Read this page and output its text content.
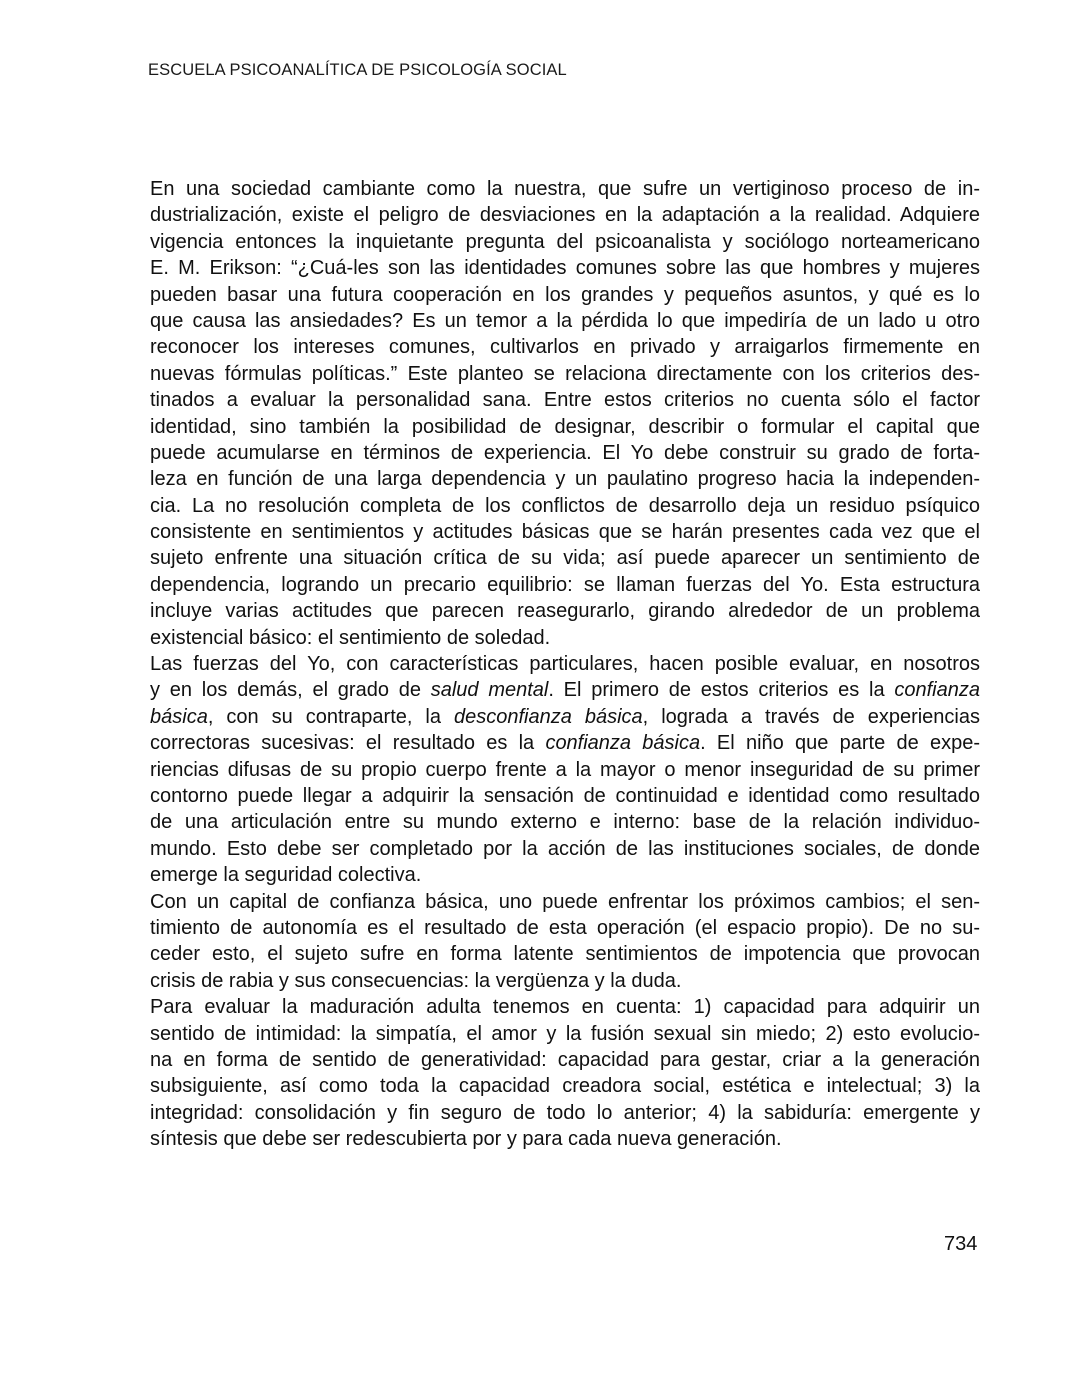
ESCUELA PSICOANALÍTICA DE PSICOLOGÍA SOCIAL
En una sociedad cambiante como la nuestra, que sufre un vertiginoso proceso de in-
dustrialización, existe el peligro de desviaciones en la adaptación a la realidad. Adquiere
vigencia entonces la inquietante pregunta del psicoanalista y sociólogo norteamericano
E. M. Erikson: “¿Cuá-les son las identidades comunes sobre las que hombres y mujeres
pueden basar una futura cooperación en los grandes y pequeños asuntos, y qué es lo
que causa las ansiedades? Es un temor a la pérdida lo que impediría de un lado u otro
reconocer los intereses comunes, cultivarlos en privado y arraigarlos firmemente en
nuevas fórmulas políticas.” Este planteo se relaciona directamente con los criterios des-
tinados a evaluar la personalidad sana. Entre estos criterios no cuenta sólo el factor
identidad, sino también la posibilidad de designar, describir o formular el capital que
puede acumularse en términos de experiencia. El Yo debe construir su grado de forta-
leza en función de una larga dependencia y un paulatino progreso hacia la independen-
cia. La no resolución completa de los conflictos de desarrollo deja un residuo psíquico
consistente en sentimientos y actitudes básicas que se harán presentes cada vez que el
sujeto enfrente una situación crítica de su vida; así puede aparecer un sentimiento de
dependencia, logrando un precario equilibrio: se llaman fuerzas del Yo. Esta estructura
incluye varias actitudes que parecen reasegurarlo, girando alrededor de un problema
existencial básico: el sentimiento de soledad.
Las fuerzas del Yo, con características particulares, hacen posible evaluar, en nosotros
y en los demás, el grado de salud mental. El primero de estos criterios es la confianza
básica, con su contraparte, la desconfianza básica, lograda a través de experiencias
correctoras sucesivas: el resultado es la confianza básica. El niño que parte de expe-
riencias difusas de su propio cuerpo frente a la mayor o menor inseguridad de su primer
contorno puede llegar a adquirir la sensación de continuidad e identidad como resultado
de una articulación entre su mundo externo e interno: base de la relación individuo-
mundo. Esto debe ser completado por la acción de las instituciones sociales, de donde
emerge la seguridad colectiva.
Con un capital de confianza básica, uno puede enfrentar los próximos cambios; el sen-
timiento de autonomía es el resultado de esta operación (el espacio propio). De no su-
ceder esto, el sujeto sufre en forma latente sentimientos de impotencia que provocan
crisis de rabia y sus consecuencias: la vergüenza y la duda.
Para evaluar la maduración adulta tenemos en cuenta: 1) capacidad para adquirir un
sentido de intimidad: la simpatía, el amor y la fusión sexual sin miedo; 2) esto evolucio-
na en forma de sentido de generatividad: capacidad para gestar, criar a la generación
subsiguiente, así como toda la capacidad creadora social, estética e intelectual; 3) la
integridad: consolidación y fin seguro de todo lo anterior; 4) la sabiduría: emergente y
síntesis que debe ser redescubierta por y para cada nueva generación.
734
